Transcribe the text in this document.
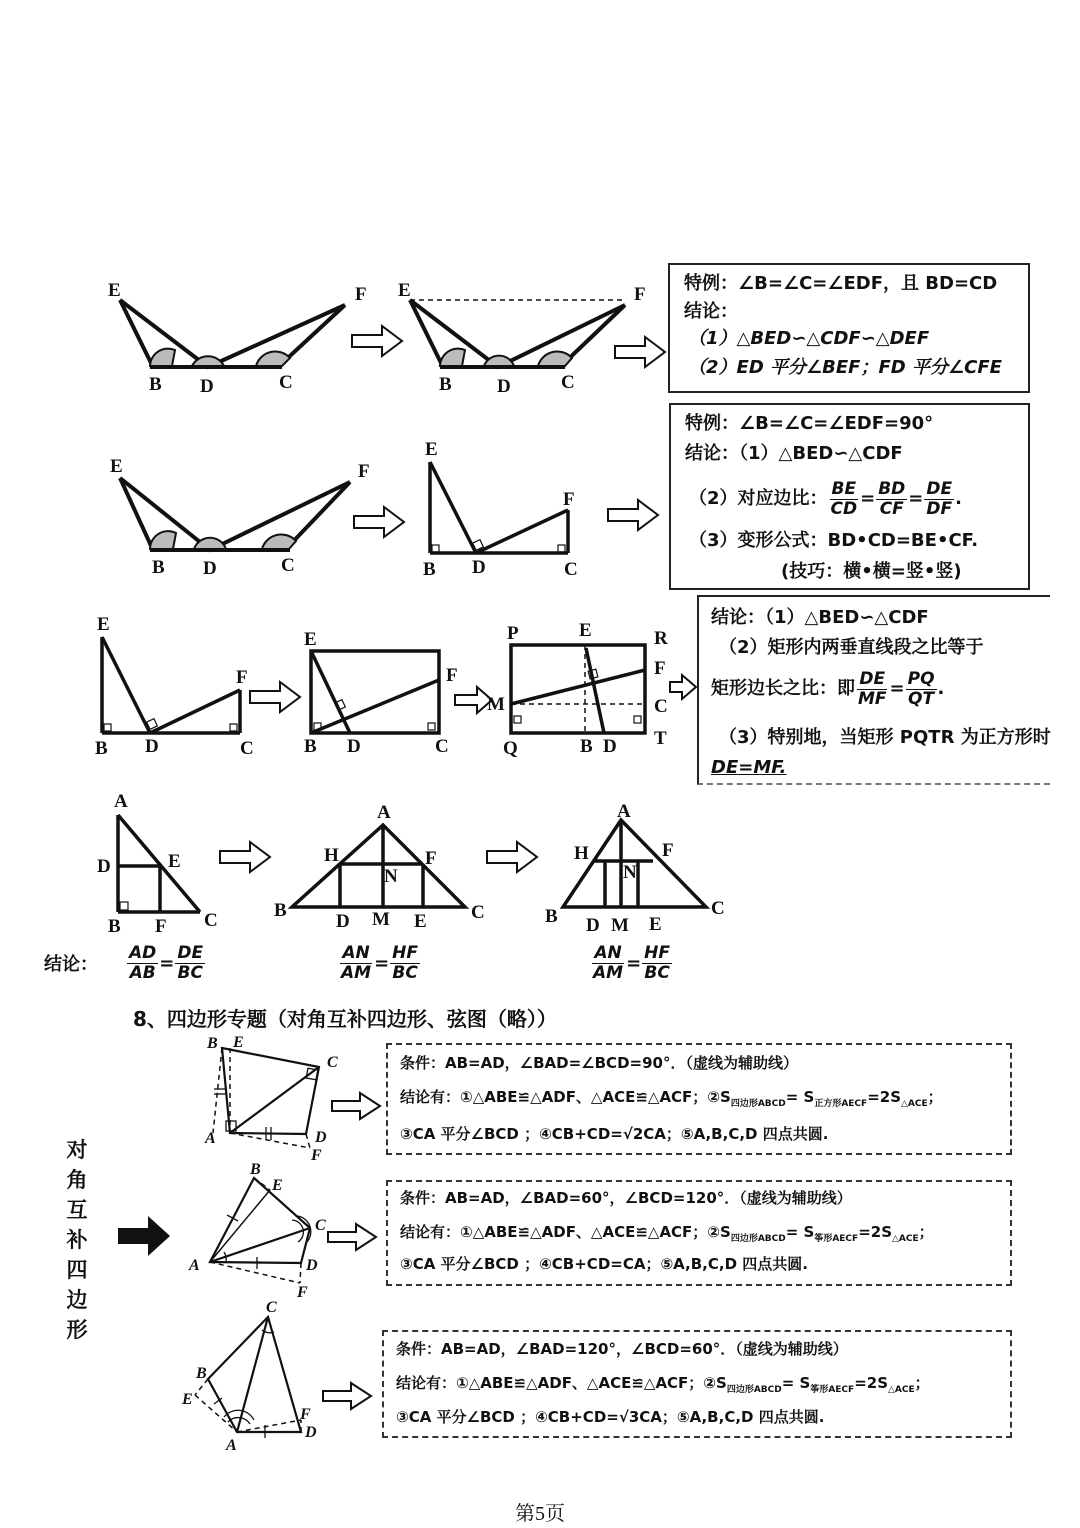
E	F
B D	C
E	F
B D	C
E	F
B D	C
E
F
B D	C
E
F
B D	C
E
F
B D	C
P	E	R
F
M	C
T
Q	B D
A
D	E
B F C
A
H	F
N
B
D M E C
A
H	F
N
B D M E
C
B E
C
A	D
F
B
E
C
A	D
F
C
B
E
F
D
A
特例：∠B=∠C=∠EDF，且 BD=CD
结论：
（1）△BED∽△CDF∽△DEF
（2）ED 平分∠BEF；FD 平分∠CFE
特例：∠B=∠C=∠EDF=90°
结论：（1）△BED∽△CDF
（2）对应边比： $\frac{BE}{CD} = \frac{BD}{CF} = \frac{DE}{DF}$ .
（3）变形公式：BD•CD=BE•CF.
(技巧：横•横=竖•竖)
结论：（1）△BED∽△CDF
（2）矩形内两垂直线段之比等于
矩形边长之比：即 $\frac{DE}{MF} = \frac{PQ}{QT}$ .
（3）特别地，当矩形 PQTR 为正方形时
DE=MF.
结论： $\frac{AD}{AB} = \frac{DE}{BC}$	$\frac{AN}{AM} = \frac{HF}{BC}$	$\frac{AN}{AM} = \frac{HF}{BC}$
8、四边形专题（对角互补四边形、弦图（略））
对
角
互
补
四
边
形
条件：AB=AD，∠BAD=∠BCD=90°．（虚线为辅助线）
结论有：①△ABE≌△ADF、△ACE≌△ACF；$②S_{四边形ABCD}= S_{正方形AECF}=2S_{\triangle ACE}$；
③CA 平分∠BCD ；④CB+CD=√2CA；⑤A,B,C,D 四点共圆.
条件：AB=AD，∠BAD=60°，∠BCD=120°．（虚线为辅助线）
结论有：①△ABE≌△ADF、△ACE≌△ACF；$②S_{四边形ABCD}= S_{筝形AECF}=2S_{\triangle ACE}$；
③CA 平分∠BCD ；④CB+CD=CA；⑤A,B,C,D 四点共圆.
条件：AB=AD，∠BAD=120°，∠BCD=60°．（虚线为辅助线）
结论有：①△ABE≌△ADF、△ACE≌△ACF；$②S_{四边形ABCD}= S_{筝形AECF}=2S_{\triangle ACE}$；
③CA 平分∠BCD ；④CB+CD=√3CA；⑤A,B,C,D 四点共圆.
第5页
